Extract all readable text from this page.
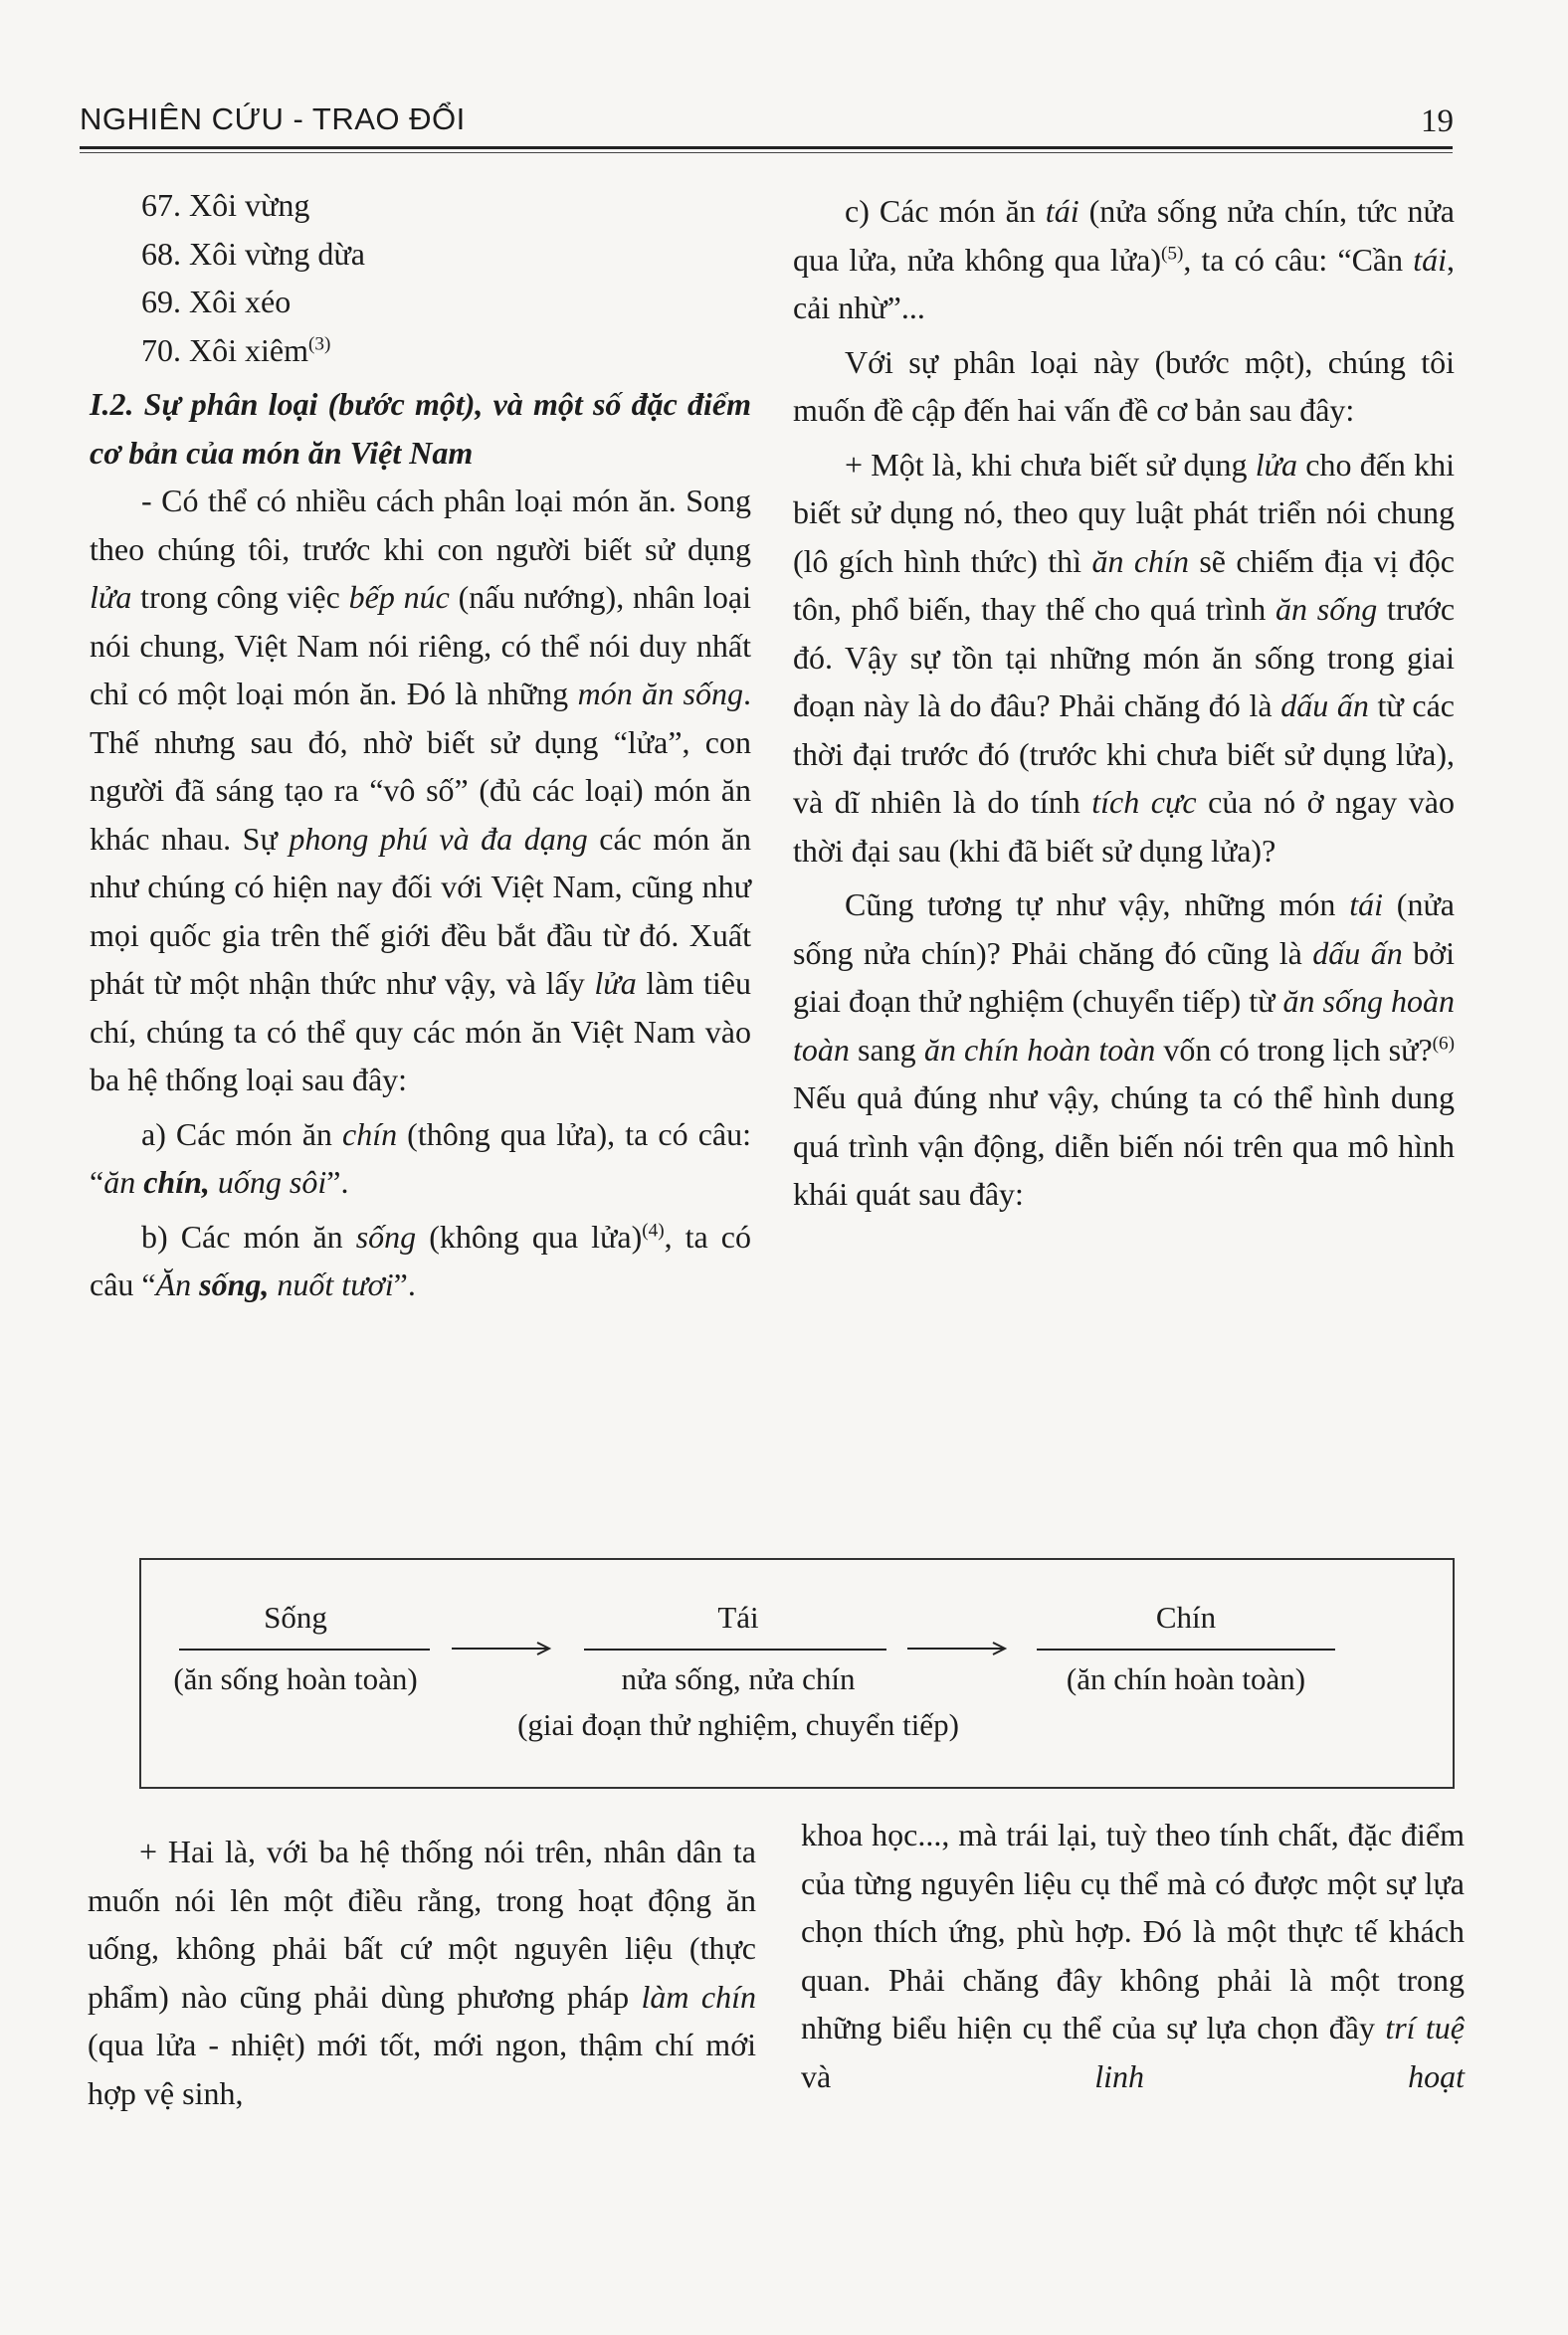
NGHIÊN CỨU - TRAO ĐỔI	19

67. Xôi vừng

68. Xôi vừng dừa

69. Xôi xéo

70. Xôi xiêm$^{(3)}$

I.2. Sự phân loại (bước một), và một số đặc điểm cơ bản của món ăn Việt Nam

- Có thể có nhiều cách phân loại món ăn. Song theo chúng tôi, trước khi con người biết sử dụng lửa trong công việc bếp núc (nấu nướng), nhân loại nói chung, Việt Nam nói riêng, có thể nói duy nhất chỉ có một loại món ăn. Đó là những món ăn sống. Thế nhưng sau đó, nhờ biết sử dụng “lửa”, con người đã sáng tạo ra “vô số” (đủ các loại) món ăn khác nhau. Sự phong phú và đa dạng các món ăn như chúng có hiện nay đối với Việt Nam, cũng như mọi quốc gia trên thế giới đều bắt đầu từ đó. Xuất phát từ một nhận thức như vậy, và lấy lửa làm tiêu chí, chúng ta có thể quy các món ăn Việt Nam vào ba hệ thống loại sau đây:

a) Các món ăn chín (thông qua lửa), ta có câu: “ăn chín, uống sôi”.

b) Các món ăn sống (không qua lửa)$^{(4)}$, ta có câu “Ăn sống, nuốt tươi”.

c) Các món ăn tái (nửa sống nửa chín, tức nửa qua lửa, nửa không qua lửa)$^{(5)}$, ta có câu: “Cần tái, cải nhừ”...

Với sự phân loại này (bước một), chúng tôi muốn đề cập đến hai vấn đề cơ bản sau đây:

+ Một là, khi chưa biết sử dụng lửa cho đến khi biết sử dụng nó, theo quy luật phát triển nói chung (lô gích hình thức) thì ăn chín sẽ chiếm địa vị độc tôn, phổ biến, thay thế cho quá trình ăn sống trước đó. Vậy sự tồn tại những món ăn sống trong giai đoạn này là do đâu? Phải chăng đó là dấu ấn từ các thời đại trước đó (trước khi chưa biết sử dụng lửa), và dĩ nhiên là do tính tích cực của nó ở ngay vào thời đại sau (khi đã biết sử dụng lửa)?

Cũng tương tự như vậy, những món tái (nửa sống nửa chín)? Phải chăng đó cũng là dấu ấn bởi giai đoạn thử nghiệm (chuyển tiếp) từ ăn sống hoàn toàn sang ăn chín hoàn toàn vốn có trong lịch sử?$^{(6)}$ Nếu quả đúng như vậy, chúng ta có thể hình dung quá trình vận động, diễn biến nói trên qua mô hình khái quát sau đây:

Sống
(ăn sống hoàn toàn)
Tái
nửa sống, nửa chín
(giai đoạn thử nghiệm, chuyển tiếp)
Chín
(ăn chín hoàn toàn)

+ Hai là, với ba hệ thống nói trên, nhân dân ta muốn nói lên một điều rằng, trong hoạt động ăn uống, không phải bất cứ một nguyên liệu (thực phẩm) nào cũng phải dùng phương pháp làm chín (qua lửa - nhiệt) mới tốt, mới ngon, thậm chí mới hợp vệ sinh,

khoa học..., mà trái lại, tuỳ theo tính chất, đặc điểm của từng nguyên liệu cụ thể mà có được một sự lựa chọn thích ứng, phù hợp. Đó là một thực tế khách quan. Phải chăng đây không phải là một trong những biểu hiện cụ thể của sự lựa chọn đầy trí tuệ và linh hoạt
